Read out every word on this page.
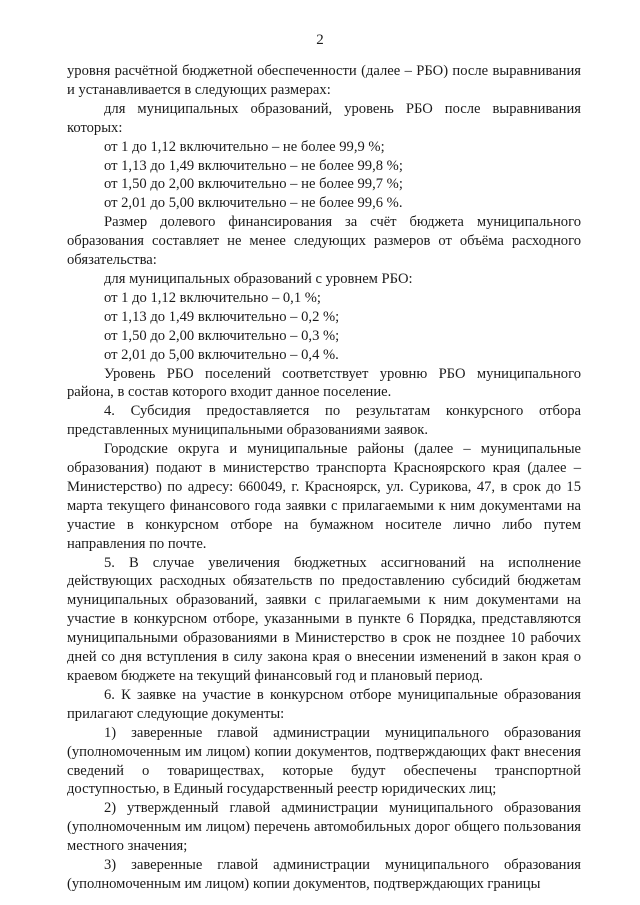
2

уровня расчётной бюджетной обеспеченности (далее – РБО) после выравнивания и устанавливается в следующих размерах:

для муниципальных образований, уровень РБО после выравнивания которых:

от 1 до 1,12 включительно – не более 99,9 %;

от 1,13 до 1,49 включительно – не более 99,8 %;

от 1,50 до 2,00 включительно – не более 99,7 %;

от 2,01 до 5,00 включительно – не более 99,6 %.

Размер долевого финансирования за счёт бюджета муниципального образования составляет не менее следующих размеров от объёма расходного обязательства:

для муниципальных образований с уровнем РБО:

от 1 до 1,12 включительно – 0,1 %;

от 1,13 до 1,49 включительно – 0,2 %;

от 1,50 до 2,00 включительно – 0,3 %;

от 2,01 до 5,00 включительно – 0,4 %.

Уровень РБО поселений соответствует уровню РБО муниципального района, в состав которого входит данное поселение.

4. Субсидия предоставляется по результатам конкурсного отбора представленных муниципальными образованиями заявок.

Городские округа и муниципальные районы (далее – муниципальные образования) подают в министерство транспорта Красноярского края (далее – Министерство) по адресу: 660049, г. Красноярск, ул. Сурикова, 47, в срок до 15 марта текущего финансового года заявки с прилагаемыми к ним документами на участие в конкурсном отборе на бумажном носителе лично либо путем направления по почте.

5. В случае увеличения бюджетных ассигнований на исполнение действующих расходных обязательств по предоставлению субсидий бюджетам муниципальных образований, заявки с прилагаемыми к ним документами на участие в конкурсном отборе, указанными в пункте 6 Порядка, представляются муниципальными образованиями в Министерство в срок не позднее 10 рабочих дней со дня вступления в силу закона края о внесении изменений в закон края о краевом бюджете на текущий финансовый год и плановый период.

6. К заявке на участие в конкурсном отборе муниципальные образования прилагают следующие документы:

1) заверенные главой администрации муниципального образования (уполномоченным им лицом) копии документов, подтверждающих факт внесения сведений о товариществах, которые будут обеспечены транспортной доступностью, в Единый государственный реестр юридических лиц;

2) утвержденный главой администрации муниципального образования (уполномоченным им лицом) перечень автомобильных дорог общего пользования местного значения;

3) заверенные главой администрации муниципального образования (уполномоченным им лицом) копии документов, подтверждающих границы
